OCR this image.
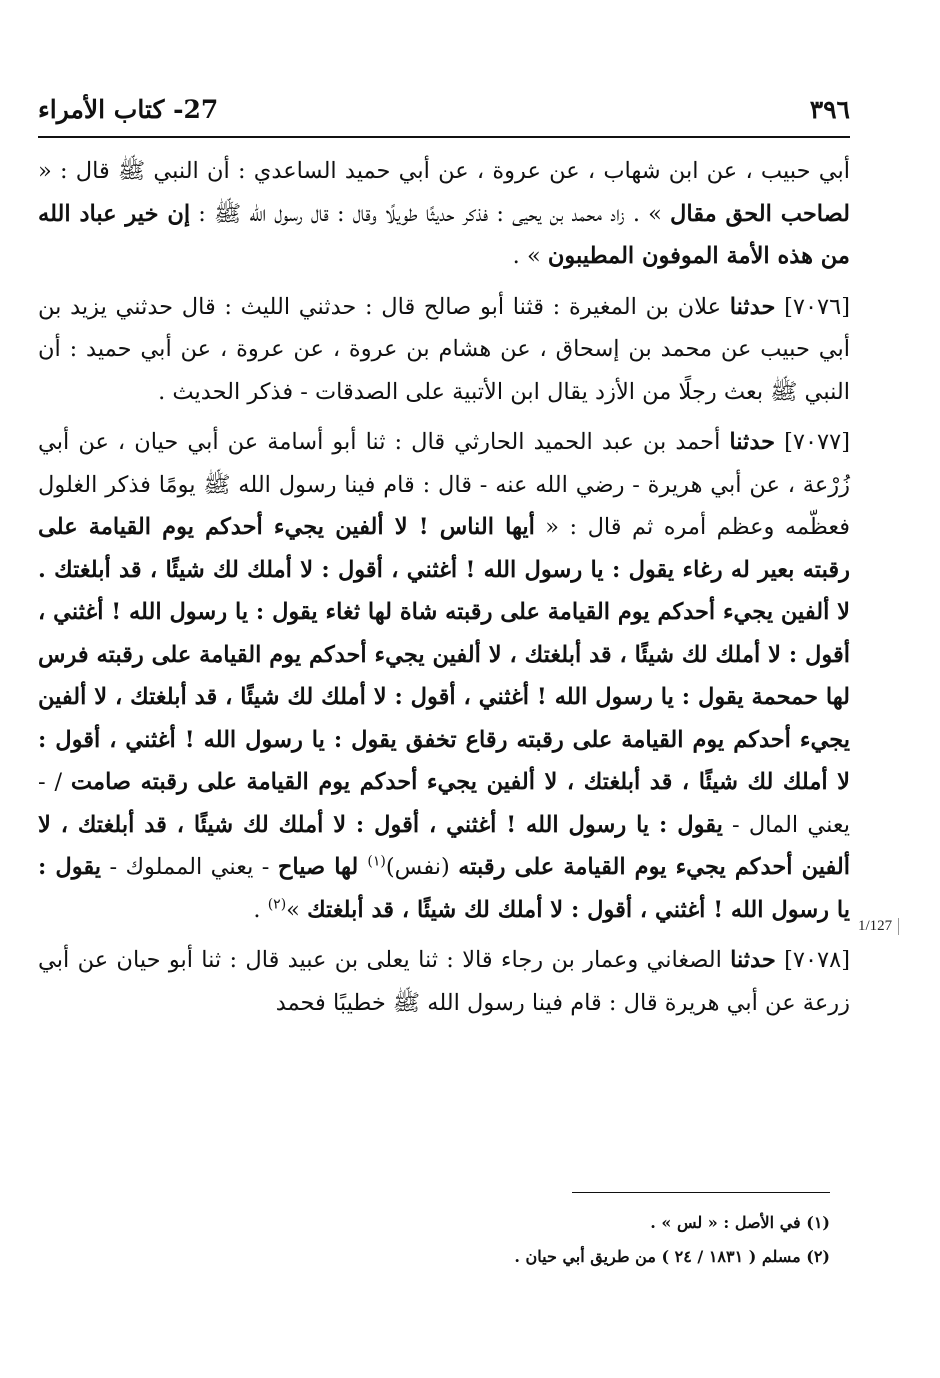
٣٩٦
27- كتاب الأمراء

أبي حبيب ، عن ابن شهاب ، عن عروة ، عن أبي حميد الساعدي : أن النبي ﷺ قال : « لصاحب الحق مقال » . زاد محمد بن يحيى : فذكر حديثًا طويلًا وقال : قال رسول الله ﷺ : إن خير عباد الله من هذه الأمة الموفون المطيبون » .

[٧٠٧٦] حدثنا علان بن المغيرة : قثنا أبو صالح قال : حدثني الليث : قال حدثني يزيد بن أبي حبيب عن محمد بن إسحاق ، عن هشام بن عروة ، عن عروة ، عن أبي حميد : أن النبي ﷺ بعث رجلًا من الأزد يقال ابن الأتبية على الصدقات - فذكر الحديث .

[٧٠٧٧] حدثنا أحمد بن عبد الحميد الحارثي قال : ثنا أبو أسامة عن أبي حيان ، عن أبي زُرْعة ، عن أبي هريرة - رضي الله عنه - قال : قام فينا رسول الله ﷺ يومًا فذكر الغلول فعظّمه وعظم أمره ثم قال : « أيها الناس ! لا ألفين يجيء أحدكم يوم القيامة على رقبته بعير له رغاء يقول : يا رسول الله ! أغثني ، أقول : لا أملك لك شيئًا ، قد أبلغتك . لا ألفين يجيء أحدكم يوم القيامة على رقبته شاة لها ثغاء يقول : يا رسول الله ! أغثني ، أقول : لا أملك لك شيئًا ، قد أبلغتك ، لا ألفين يجيء أحدكم يوم القيامة على رقبته فرس لها حمحمة يقول : يا رسول الله ! أغثني ، أقول : لا أملك لك شيئًا ، قد أبلغتك ، لا ألفين يجيء أحدكم يوم القيامة على رقبته رقاع تخفق يقول : يا رسول الله ! أغثني ، أقول : لا أملك لك شيئًا ، قد أبلغتك ، لا ألفين يجيء أحدكم يوم القيامة على رقبته صامت / - يعني المال - يقول : يا رسول الله ! أغثني ، أقول : لا أملك لك شيئًا ، قد أبلغتك ، لا ألفين أحدكم يجيء يوم القيامة على رقبته (نفس)$^{(١)}$ لها صياح - يعني المملوك - يقول : يا رسول الله ! أغثني ، أقول : لا أملك لك شيئًا ، قد أبلغتك »$^{(٢)}$ .

[٧٠٧٨] حدثنا الصغاني وعمار بن رجاء قالا : ثنا يعلى بن عبيد قال : ثنا أبو حيان عن أبي زرعة عن أبي هريرة قال : قام فينا رسول الله ﷺ خطيبًا فحمد

1/127

(١) في الأصل : « لس » .

(٢) مسلم ( ١٨٣١ / ٢٤ ) من طريق أبي حيان .
